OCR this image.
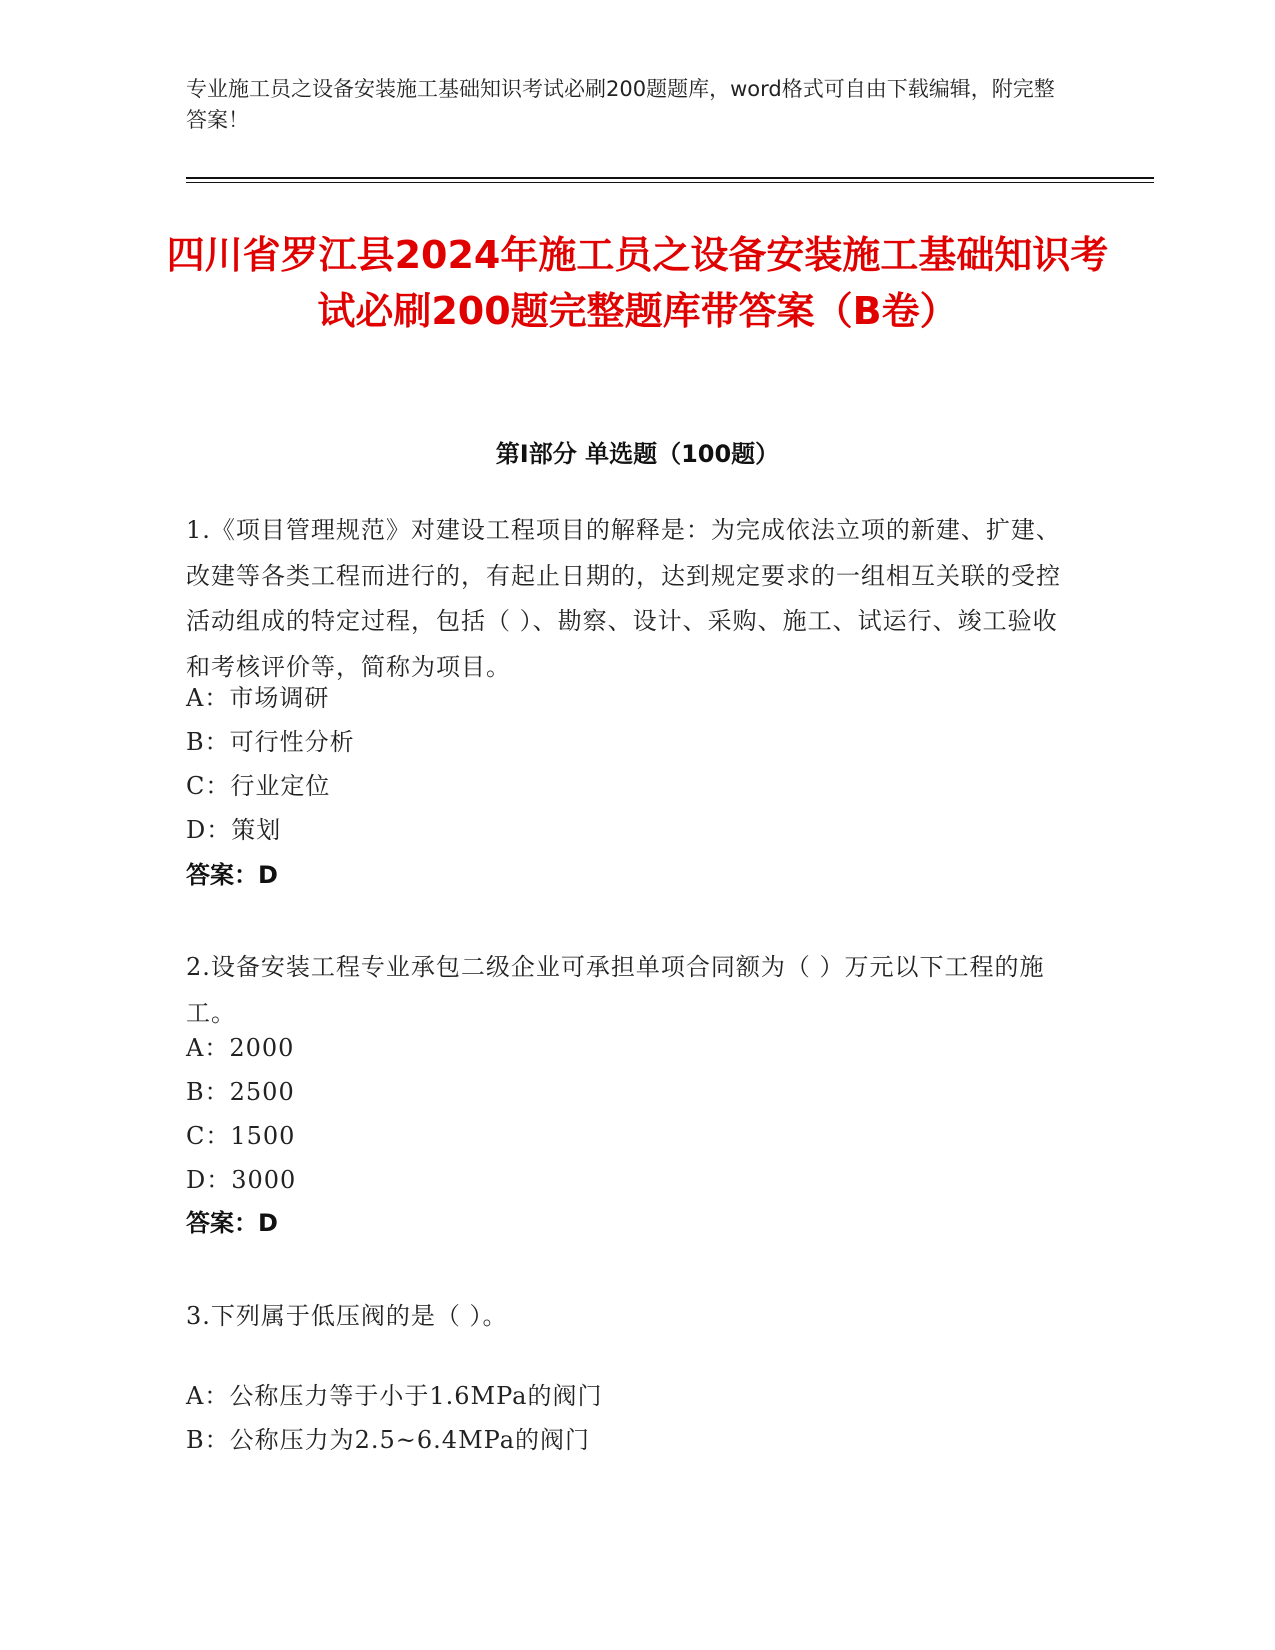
专业施工员之设备安装施工基础知识考试必刷200题题库，word格式可自由下载编辑，附完整答案！
四川省罗江县2024年施工员之设备安装施工基础知识考试必刷200题完整题库带答案（B卷）
第I部分 单选题（100题）
1.《项目管理规范》对建设工程项目的解释是：为完成依法立项的新建、扩建、改建等各类工程而进行的，有起止日期的，达到规定要求的一组相互关联的受控活动组成的特定过程，包括（ ）、勘察、设计、采购、施工、试运行、竣工验收和考核评价等，简称为项目。
A：市场调研
B：可行性分析
C：行业定位
D：策划
答案：D
2.设备安装工程专业承包二级企业可承担单项合同额为（ ）万元以下工程的施工。
A：2000
B：2500
C：1500
D：3000
答案：D
3.下列属于低压阀的是（ ）。
A：公称压力等于小于1.6MPa的阀门
B：公称压力为2.5~6.4MPa的阀门
